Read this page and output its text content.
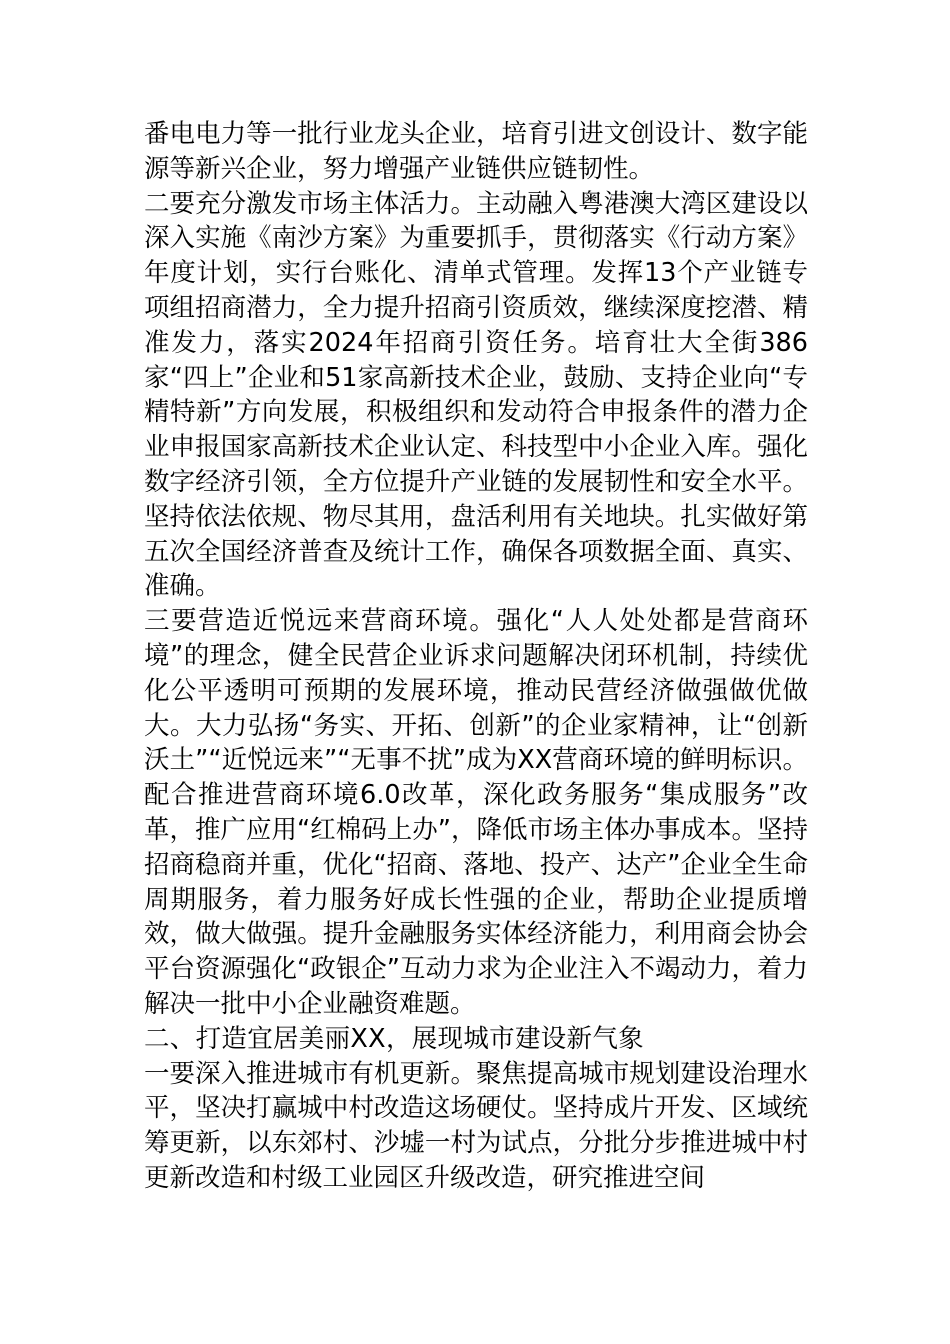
番电电力等一批行业龙头企业，培育引进文创设计、数字能源等新兴企业，努力增强产业链供应链韧性。

二要充分激发市场主体活力。主动融入粤港澳大湾区建设以深入实施《南沙方案》为重要抓手，贯彻落实《行动方案》年度计划，实行台账化、清单式管理。发挥13个产业链专项组招商潜力，全力提升招商引资质效，继续深度挖潜、精准发力，落实2024年招商引资任务。培育壮大全街386家“四上”企业和51家高新技术企业，鼓励、支持企业向“专精特新”方向发展，积极组织和发动符合申报条件的潜力企业申报国家高新技术企业认定、科技型中小企业入库。强化数字经济引领，全方位提升产业链的发展韧性和安全水平。坚持依法依规、物尽其用，盘活利用有关地块。扎实做好第五次全国经济普查及统计工作，确保各项数据全面、真实、准确。

三要营造近悦远来营商环境。强化“人人处处都是营商环境”的理念，健全民营企业诉求问题解决闭环机制，持续优化公平透明可预期的发展环境，推动民营经济做强做优做大。大力弘扬“务实、开拓、创新”的企业家精神，让“创新沃土”“近悦远来”“无事不扰”成为XX营商环境的鲜明标识。配合推进营商环境6.0改革，深化政务服务“集成服务”改革，推广应用“红棉码上办”，降低市场主体办事成本。坚持招商稳商并重，优化“招商、落地、投产、达产”企业全生命周期服务，着力服务好成长性强的企业，帮助企业提质增效，做大做强。提升金融服务实体经济能力，利用商会协会平台资源强化“政银企”互动力求为企业注入不竭动力，着力解决一批中小企业融资难题。

二、打造宜居美丽XX，展现城市建设新气象

一要深入推进城市有机更新。聚焦提高城市规划建设治理水平，坚决打赢城中村改造这场硬仗。坚持成片开发、区域统筹更新，以东郊村、沙墟一村为试点，分批分步推进城中村更新改造和村级工业园区升级改造，研究推进空间
